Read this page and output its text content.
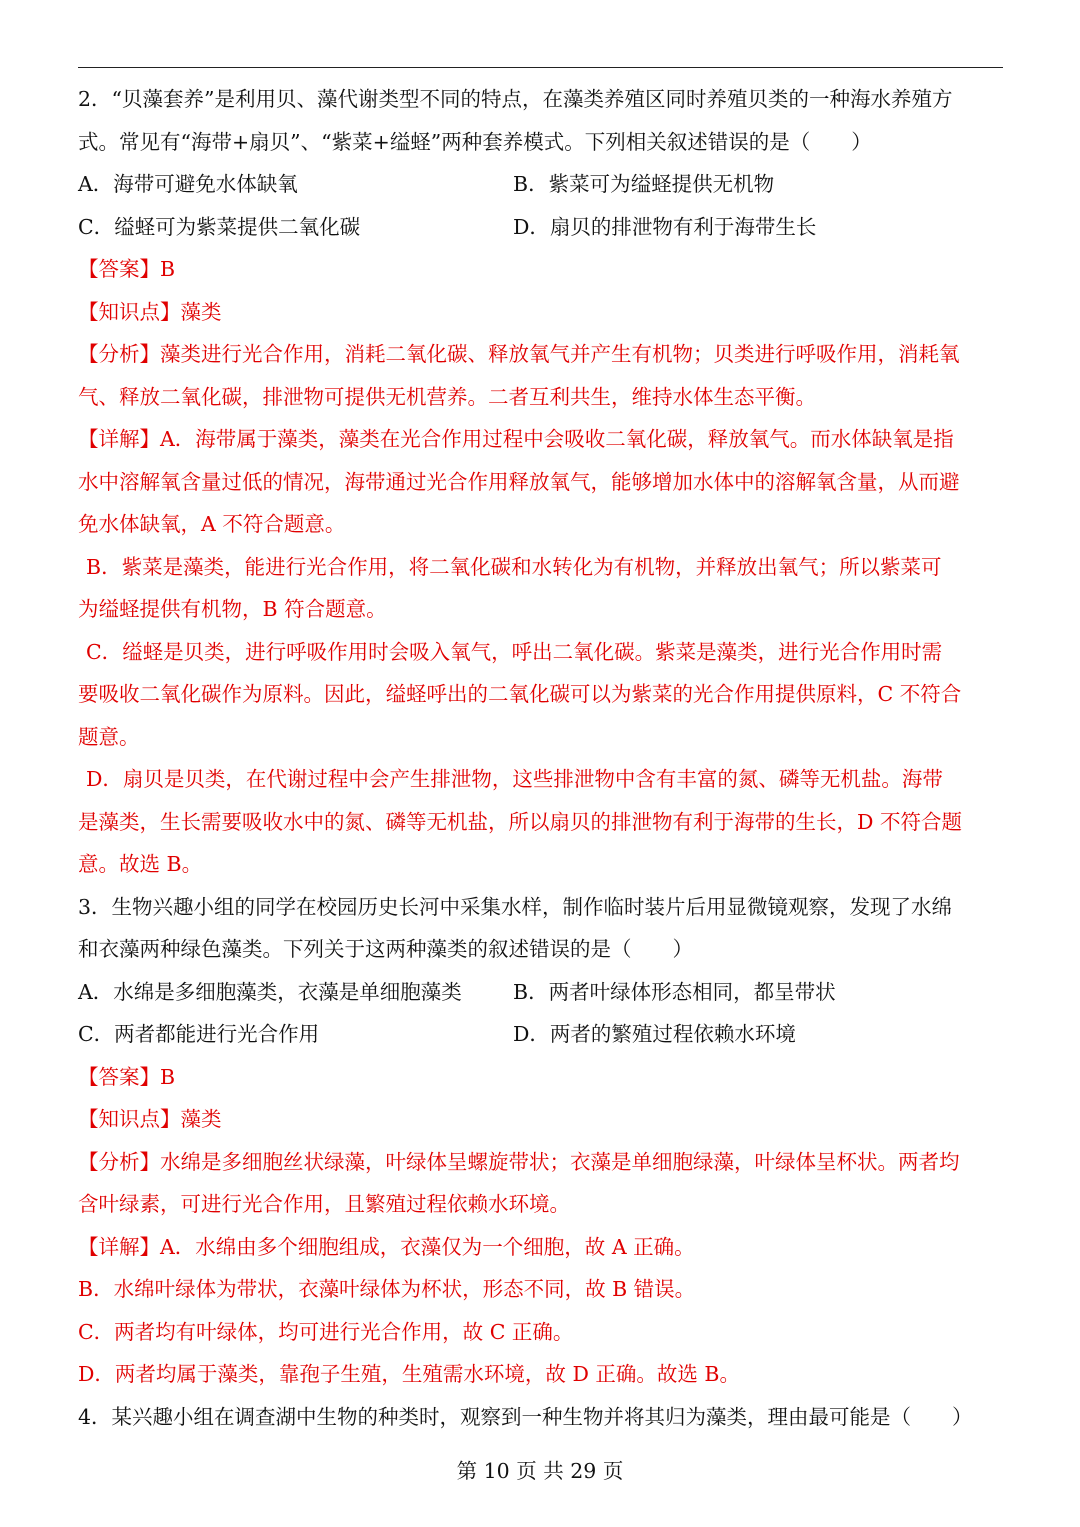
2．“贝藻套养”是利用贝、藻代谢类型不同的特点，在藻类养殖区同时养殖贝类的一种海水养殖方
式。常见有“海带+扇贝”、“紫菜+缢蛏”两种套养模式。下列相关叙述错误的是（　　）
A．海带可避免水体缺氧	B．紫菜可为缢蛏提供无机物
C．缢蛏可为紫菜提供二氧化碳	D．扇贝的排泄物有利于海带生长
【答案】B
【知识点】藻类
【分析】藻类进行光合作用，消耗二氧化碳、释放氧气并产生有机物；贝类进行呼吸作用，消耗氧
气、释放二氧化碳，排泄物可提供无机营养。二者互利共生，维持水体生态平衡。
【详解】A．海带属于藻类，藻类在光合作用过程中会吸收二氧化碳，释放氧气。而水体缺氧是指
水中溶解氧含量过低的情况，海带通过光合作用释放氧气，能够增加水体中的溶解氧含量，从而避
免水体缺氧，A 不符合题意。
B．紫菜是藻类，能进行光合作用，将二氧化碳和水转化为有机物，并释放出氧气；所以紫菜可
为缢蛏提供有机物，B 符合题意。
C．缢蛏是贝类，进行呼吸作用时会吸入氧气，呼出二氧化碳。紫菜是藻类，进行光合作用时需
要吸收二氧化碳作为原料。因此，缢蛏呼出的二氧化碳可以为紫菜的光合作用提供原料，C 不符合
题意。
D．扇贝是贝类，在代谢过程中会产生排泄物，这些排泄物中含有丰富的氮、磷等无机盐。海带
是藻类，生长需要吸收水中的氮、磷等无机盐，所以扇贝的排泄物有利于海带的生长，D 不符合题
意。故选 B。
3．生物兴趣小组的同学在校园历史长河中采集水样，制作临时装片后用显微镜观察，发现了水绵
和衣藻两种绿色藻类。下列关于这两种藻类的叙述错误的是（　　）
A．水绵是多细胞藻类，衣藻是单细胞藻类	B．两者叶绿体形态相同，都呈带状
C．两者都能进行光合作用	D．两者的繁殖过程依赖水环境
【答案】B
【知识点】藻类
【分析】水绵是多细胞丝状绿藻，叶绿体呈螺旋带状；衣藻是单细胞绿藻，叶绿体呈杯状。两者均
含叶绿素，可进行光合作用，且繁殖过程依赖水环境。
【详解】A．水绵由多个细胞组成，衣藻仅为一个细胞，故 A 正确。
B．水绵叶绿体为带状，衣藻叶绿体为杯状，形态不同，故 B 错误。
C．两者均有叶绿体，均可进行光合作用，故 C 正确。
D．两者均属于藻类，靠孢子生殖，生殖需水环境，故 D 正确。故选 B。
4．某兴趣小组在调查湖中生物的种类时，观察到一种生物并将其归为藻类，理由最可能是（　　）
第 10 页 共 29 页
